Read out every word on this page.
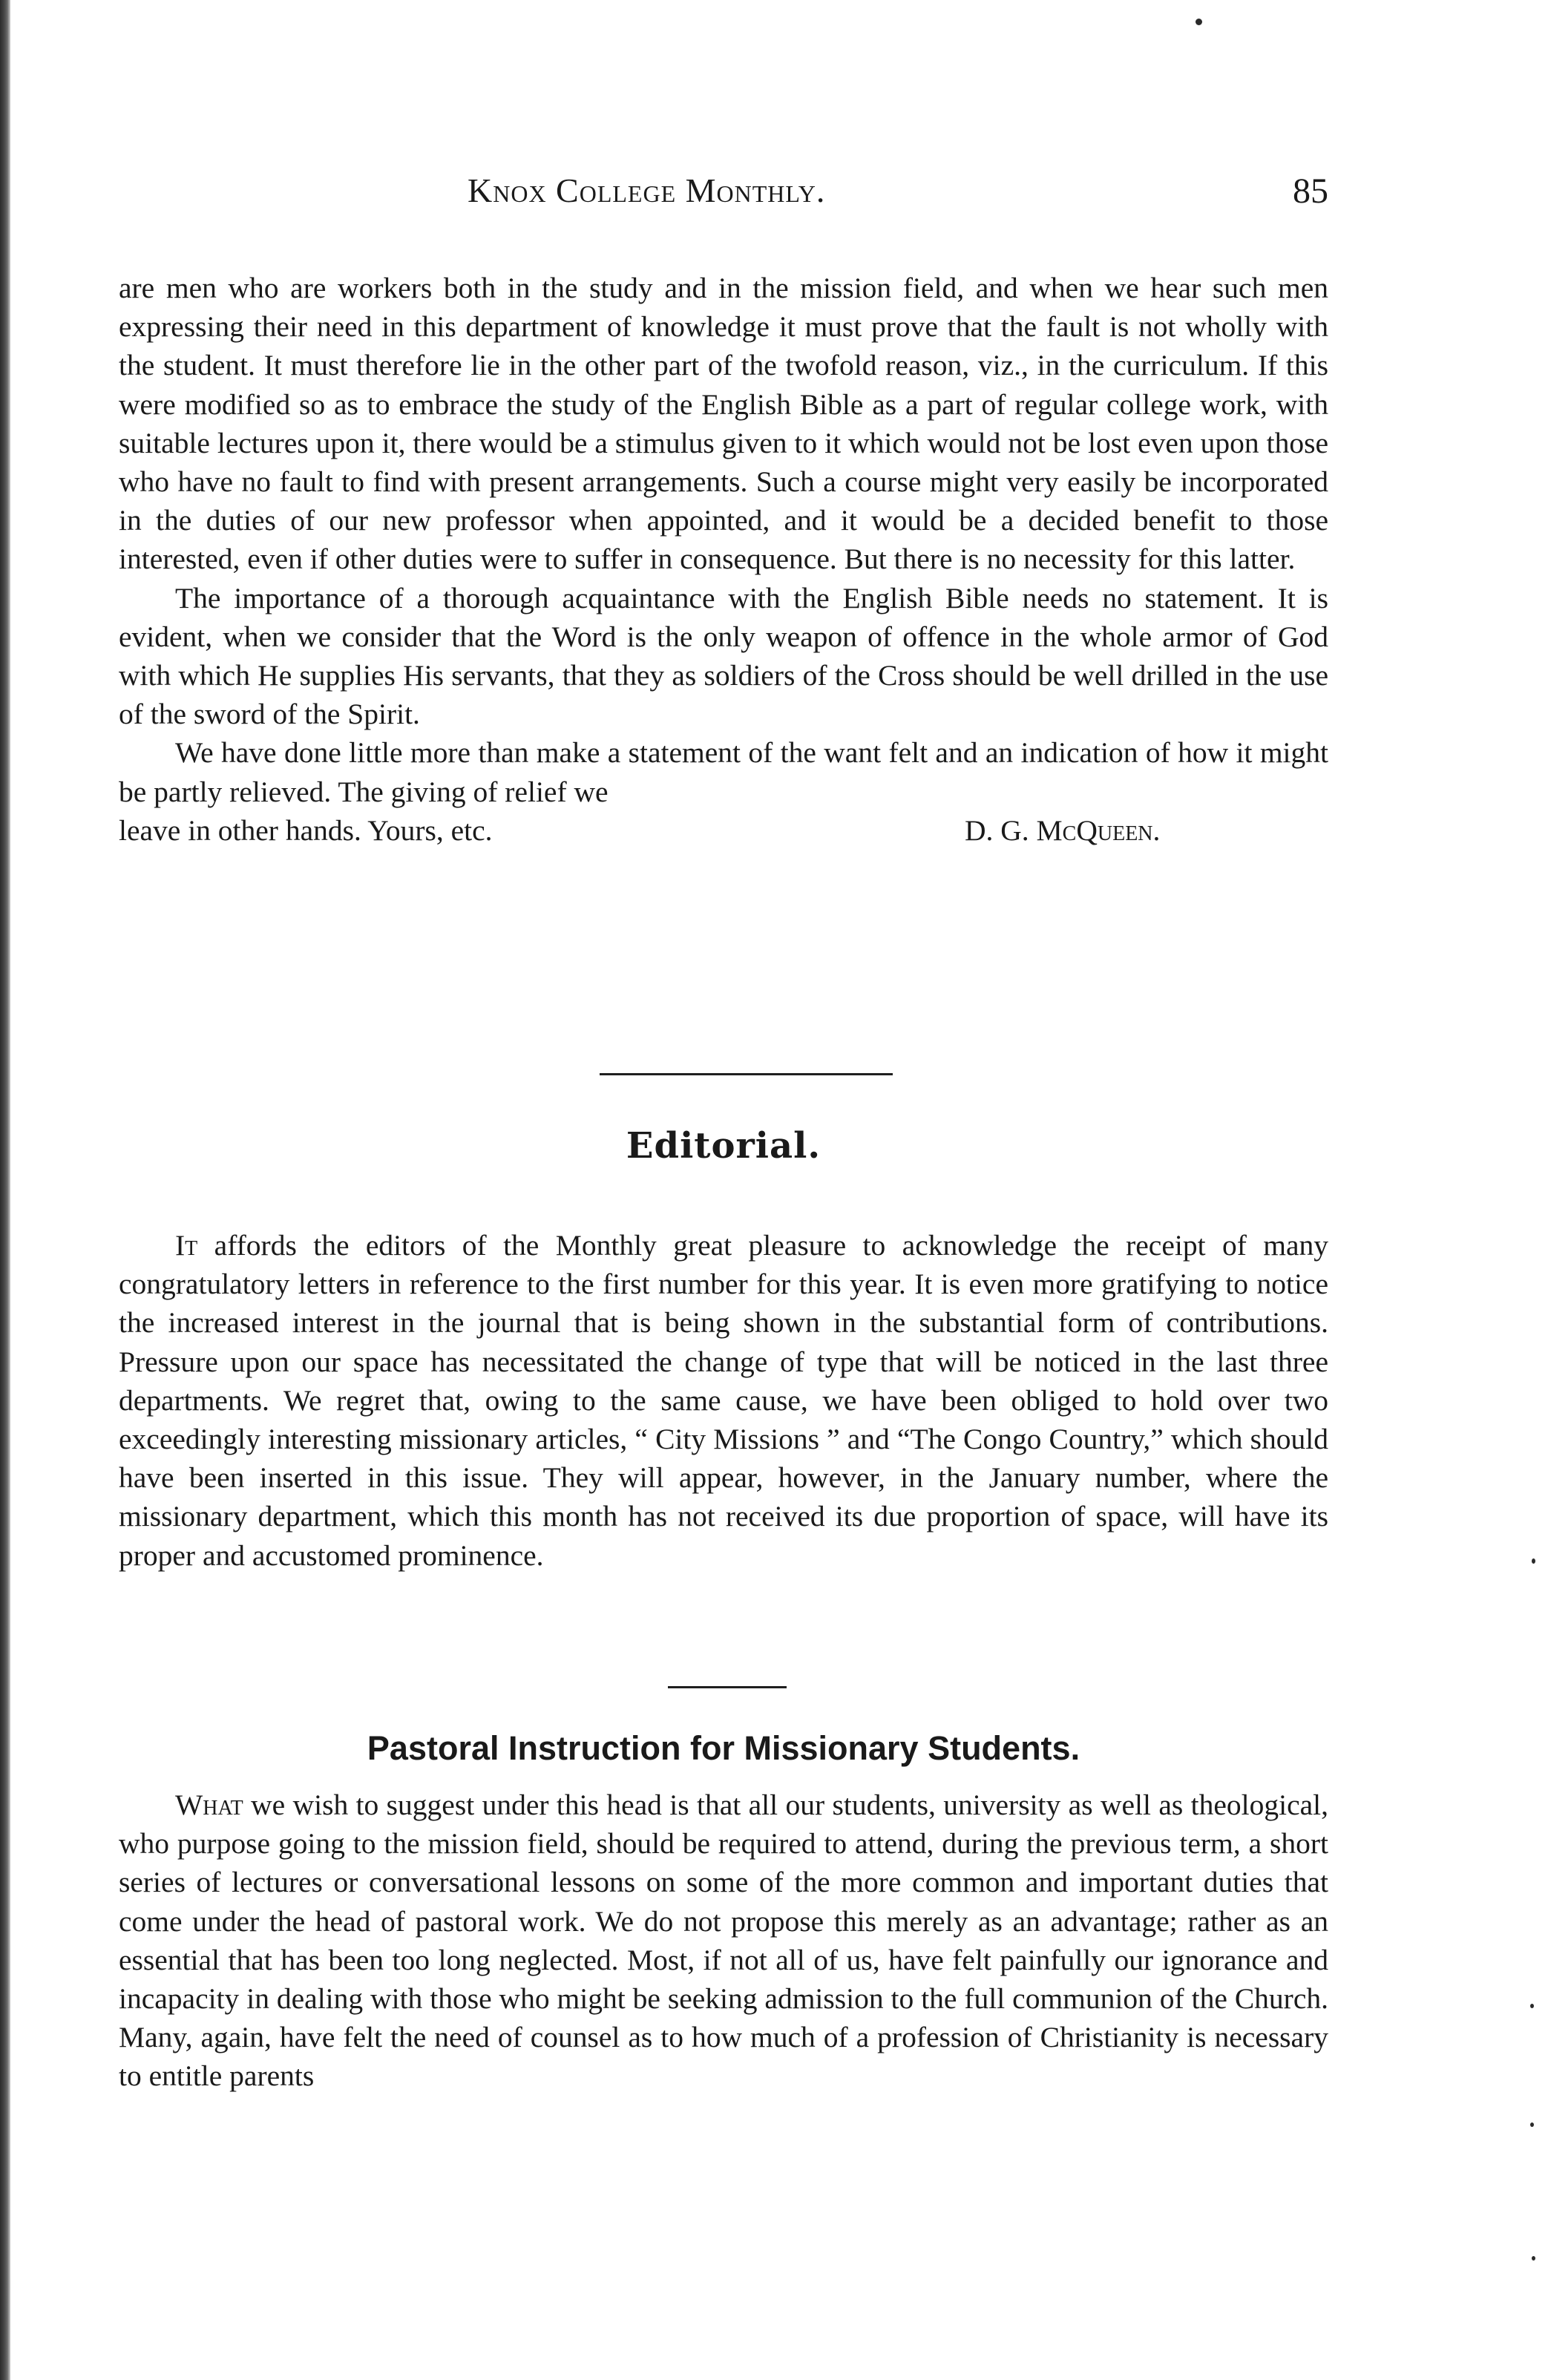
Knox College Monthly.	85

are men who are workers both in the study and in the mission field, and when we hear such men expressing their need in this department of knowledge it must prove that the fault is not wholly with the student. It must therefore lie in the other part of the twofold reason, viz., in the curriculum. If this were modified so as to embrace the study of the English Bible as a part of regular college work, with suitable lectures upon it, there would be a stimulus given to it which would not be lost even upon those who have no fault to find with present arrangements. Such a course might very easily be incorporated in the duties of our new professor when appointed, and it would be a decided benefit to those interested, even if other duties were to suffer in consequence. But there is no necessity for this latter.

The importance of a thorough acquaintance with the English Bible needs no statement. It is evident, when we consider that the Word is the only weapon of offence in the whole armor of God with which He supplies His servants, that they as soldiers of the Cross should be well drilled in the use of the sword of the Spirit.

We have done little more than make a statement of the want felt and an indication of how it might be partly relieved. The giving of relief we

leave in other hands. Yours, etc.	D. G. McQueen.
Editorial.

It affords the editors of the Monthly great pleasure to acknowledge the receipt of many congratulatory letters in reference to the first number for this year. It is even more gratifying to notice the increased interest in the journal that is being shown in the substantial form of contributions. Pressure upon our space has necessitated the change of type that will be noticed in the last three departments. We regret that, owing to the same cause, we have been obliged to hold over two exceedingly interesting missionary articles, “ City Missions ” and “The Congo Country,” which should have been inserted in this issue. They will appear, however, in the January number, where the missionary department, which this month has not received its due proportion of space, will have its proper and accustomed prominence.

Pastoral Instruction for Missionary Students.

What we wish to suggest under this head is that all our students, university as well as theological, who purpose going to the mission field, should be required to attend, during the previous term, a short series of lectures or conversational lessons on some of the more common and important duties that come under the head of pastoral work. We do not propose this merely as an advantage; rather as an essential that has been too long neglected. Most, if not all of us, have felt painfully our ignorance and incapacity in dealing with those who might be seeking admission to the full communion of the Church. Many, again, have felt the need of counsel as to how much of a profession of Christianity is necessary to entitle parents
